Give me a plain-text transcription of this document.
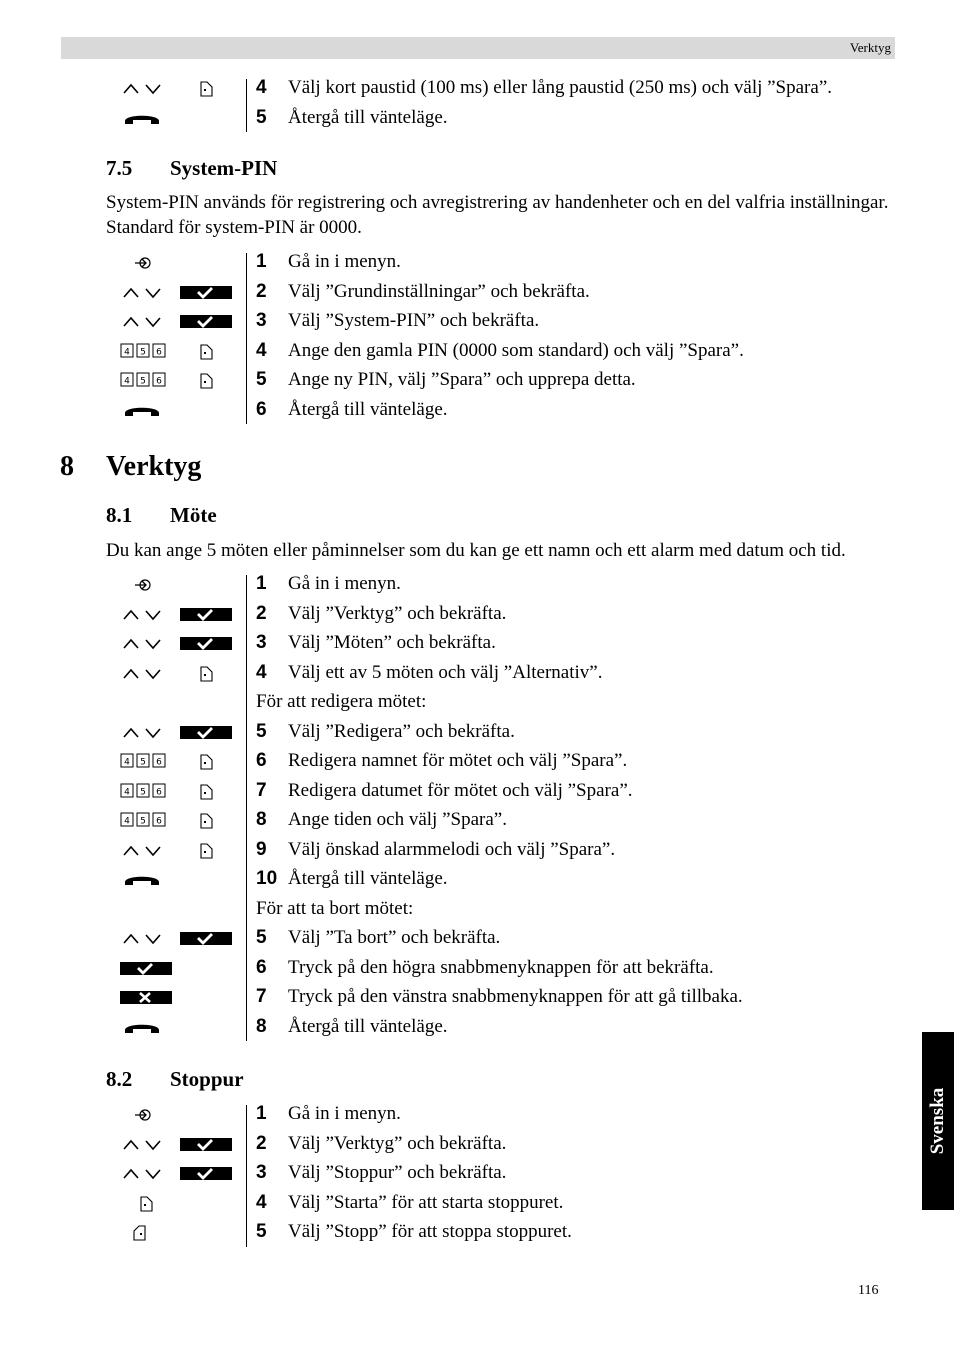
Verktyg
4 Välj kort paustid (100 ms) eller lång paustid (250 ms) och välj ”Spara”.
5 Återgå till vänteläge.
7.5 System-PIN
System-PIN används för registrering och avregistrering av handenheter och en del valfria inställningar. Standard för system-PIN är 0000.
1 Gå in i menyn.
2 Välj ”Grundinställningar” och bekräfta.
3 Välj ”System-PIN” och bekräfta.
4 5 6	4 Ange den gamla PIN (0000 som standard) och välj ”Spara”.
4 5 6	5 Ange ny PIN, välj ”Spara” och upprepa detta.
6 Återgå till vänteläge.
8 Verktyg
8.1 Möte
Du kan ange 5 möten eller påminnelser som du kan ge ett namn och ett alarm med datum och tid.
1 Gå in i menyn.
2 Välj ”Verktyg” och bekräfta.
3 Välj ”Möten” och bekräfta.
4 Välj ett av 5 möten och välj ”Alternativ”.
För att redigera mötet:
5 Välj ”Redigera” och bekräfta.
4 5 6	6 Redigera namnet för mötet och välj ”Spara”.
4 5 6	7 Redigera datumet för mötet och välj ”Spara”.
4 5 6	8 Ange tiden och välj ”Spara”.
9 Välj önskad alarmmelodi och välj ”Spara”.
10 Återgå till vänteläge.
För att ta bort mötet:
5 Välj ”Ta bort” och bekräfta.
6 Tryck på den högra snabbmenyknappen för att bekräfta.
7 Tryck på den vänstra snabbmenyknappen för att gå tillbaka.
8 Återgå till vänteläge.
8.2 Stoppur
1 Gå in i menyn.
2 Välj ”Verktyg” och bekräfta.
3 Välj ”Stoppur” och bekräfta.
4 Välj ”Starta” för att starta stoppuret.
5 Välj ”Stopp” för att stoppa stoppuret.
Svenska
116
